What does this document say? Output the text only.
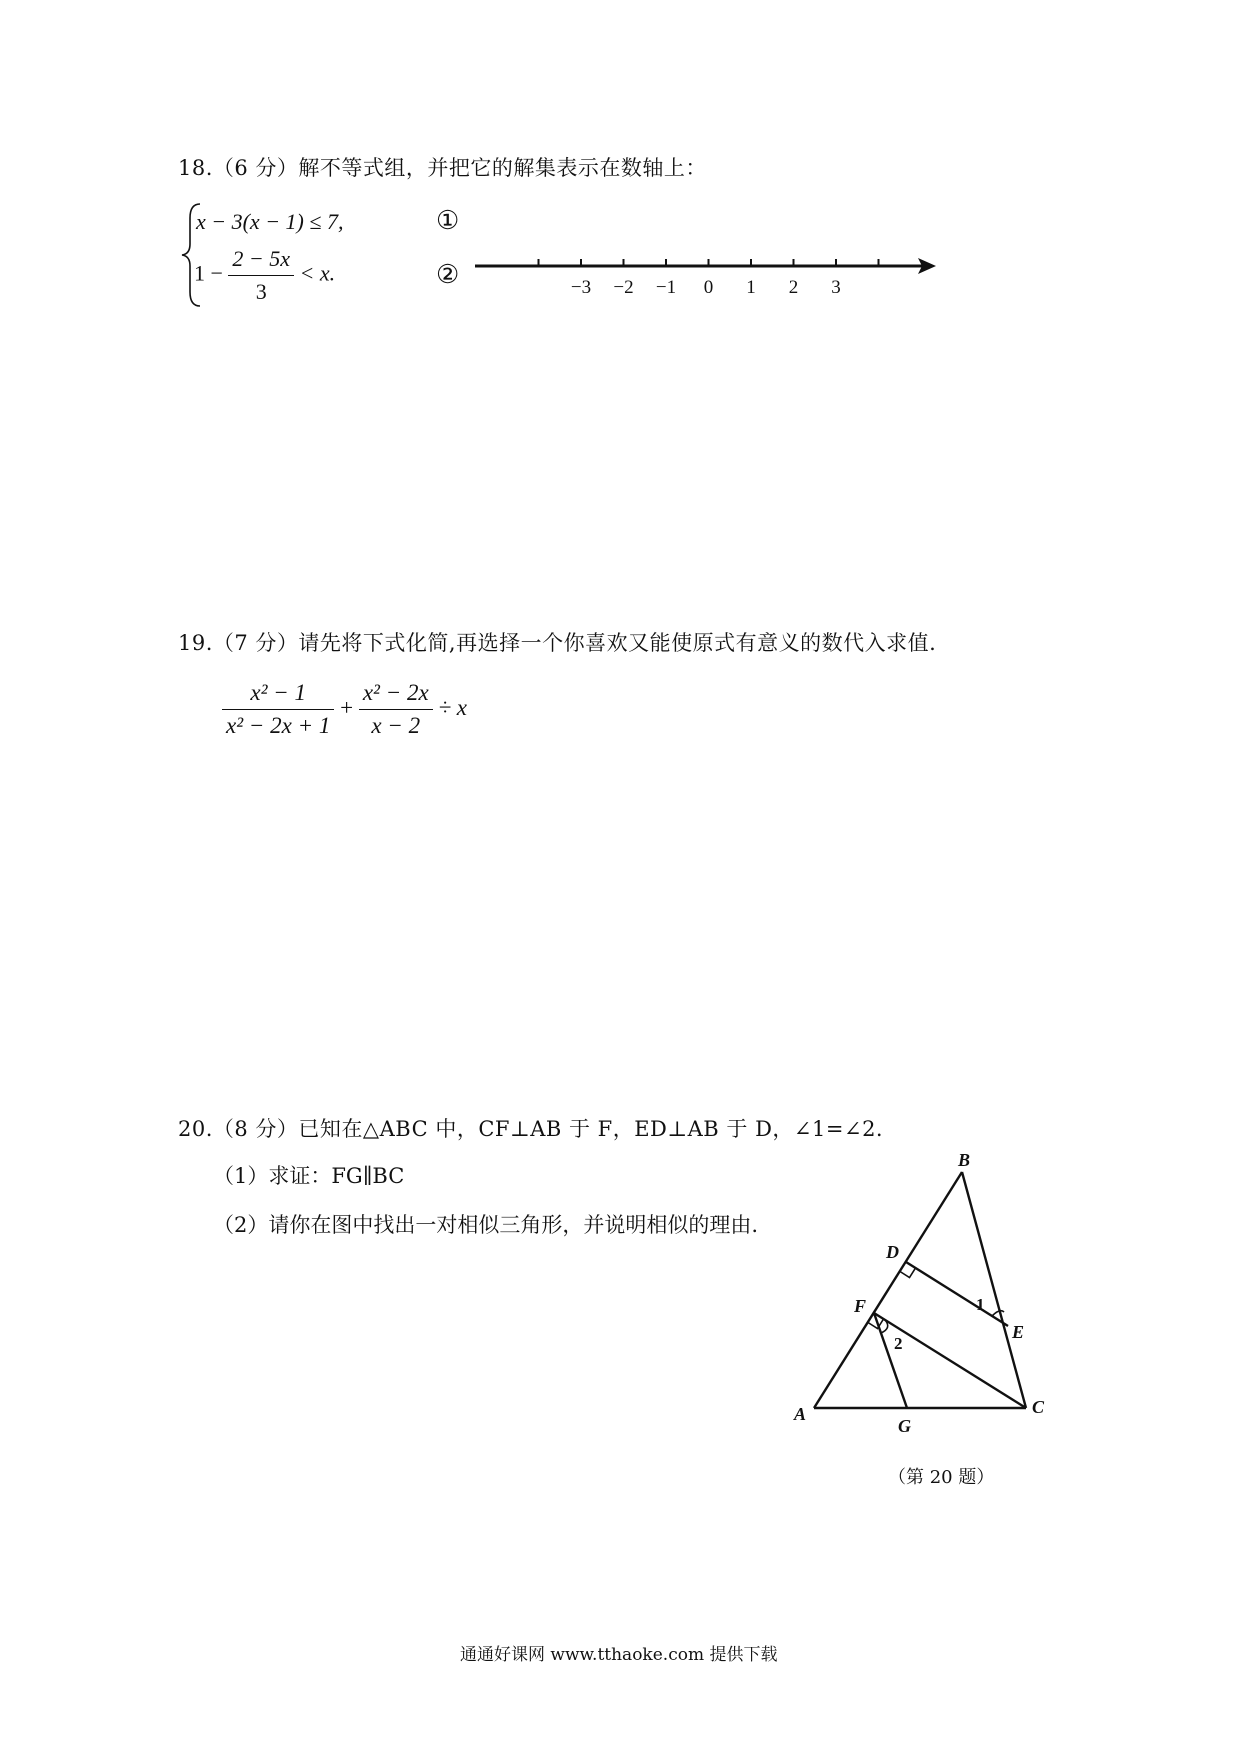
18.（6 分）解不等式组，并把它的解集表示在数轴上：
x − 3(x − 1) ≤ 7,
$1 - \frac{2 - 5x}{3} < x$.
①
②	−3 −2 −1 0 1 2 3
19.（7 分）请先将下式化简,再选择一个你喜欢又能使原式有意义的数代入求值.
$\frac{\text{x² − 1}}{\text{x² − 2x + 1}} + \frac{\text{x² − 2x}}{x - 2} \div x$
20.（8 分）已知在△ABC 中，CF⊥AB 于 F，ED⊥AB 于 D，∠1=∠2.
（1）求证：FG∥BC
（2）请你在图中找出一对相似三角形，并说明相似的理由.
A
B
C
D
E
F
G
1
2
（第 20 题）
通通好课网 www.tthaoke.com 提供下载
